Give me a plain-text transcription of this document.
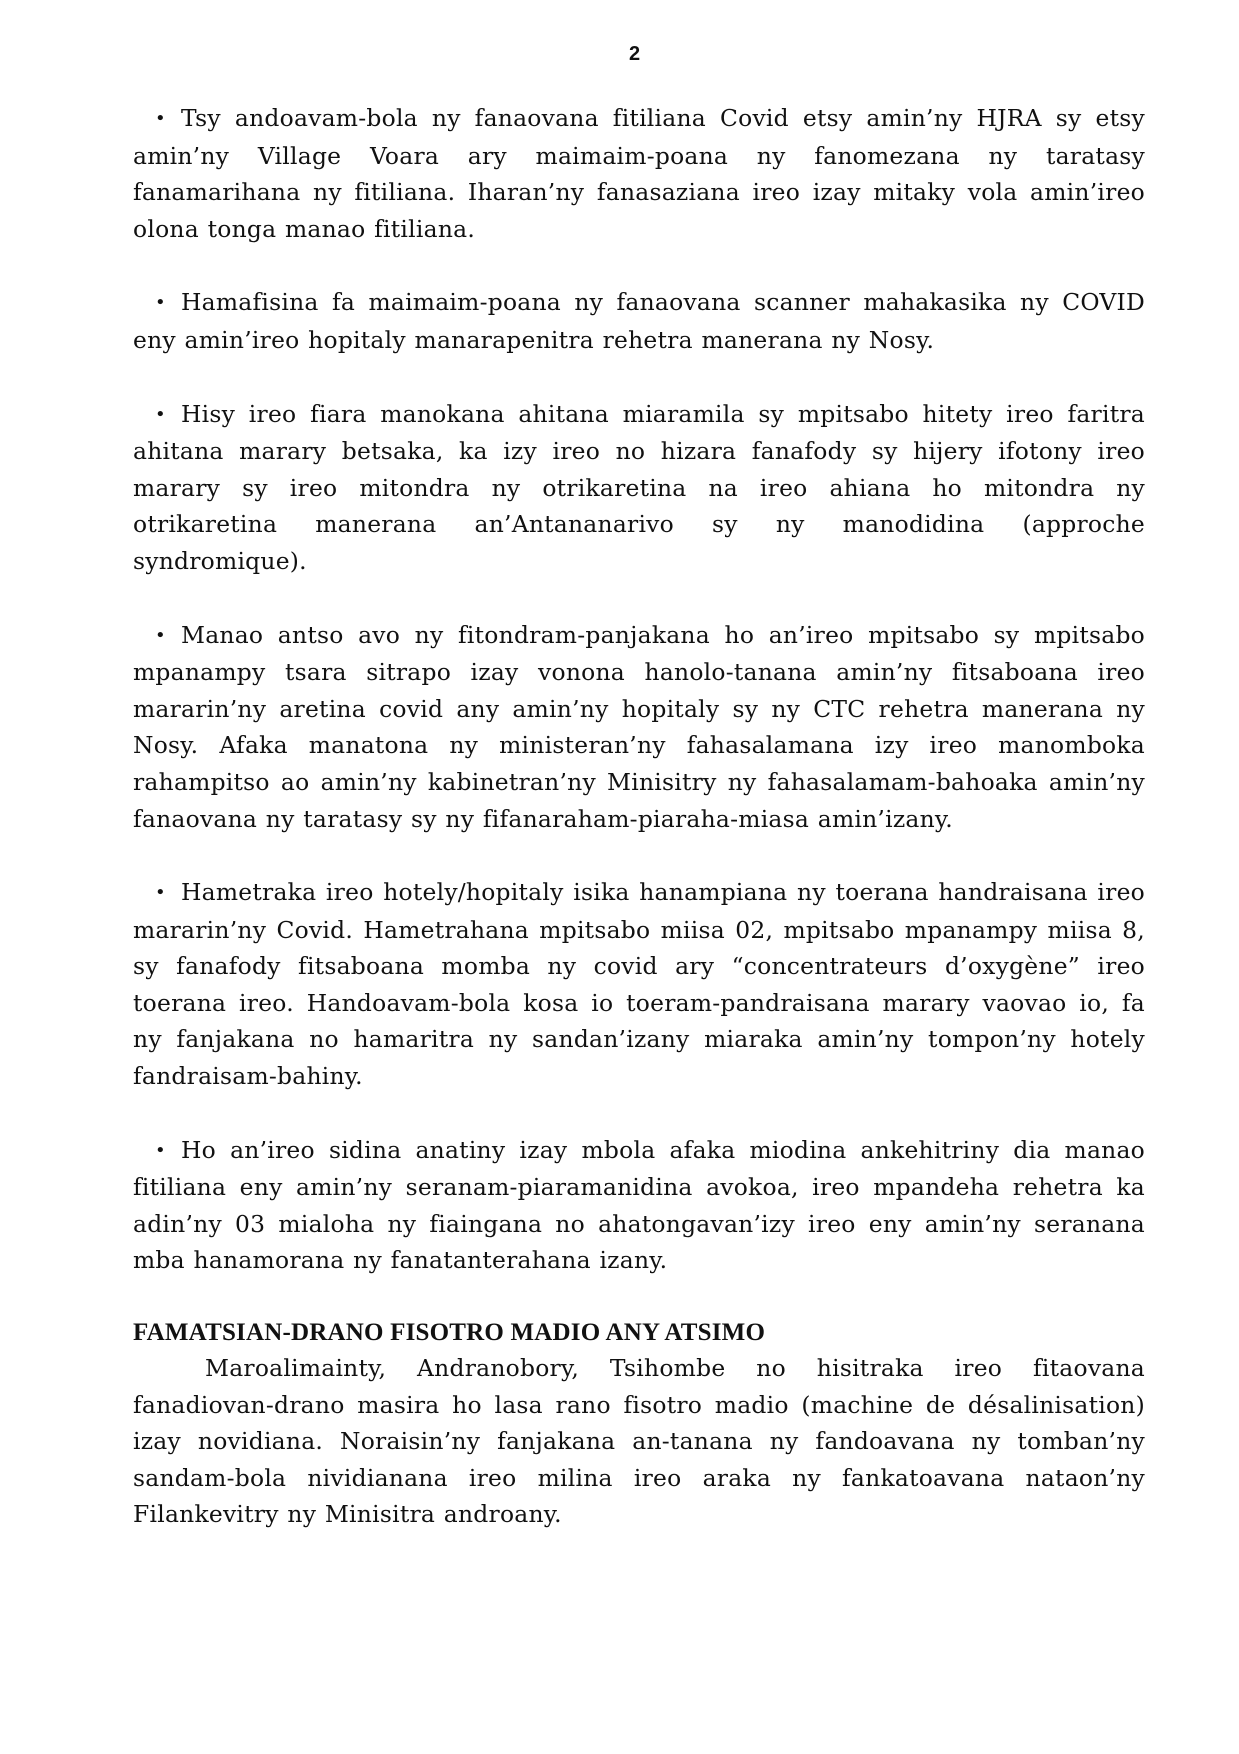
2

• Tsy andoavam-bola ny fanaovana fitiliana Covid etsy amin’ny HJRA sy etsy amin’ny Village Voara ary maimaim-poana ny fanomezana ny taratasy fanamarihana ny fitiliana. Iharan’ny fanasaziana ireo izay mitaky vola amin’ireo olona tonga manao fitiliana.

• Hamafisina fa maimaim-poana ny fanaovana scanner mahakasika ny COVID eny amin’ireo hopitaly manarapenitra rehetra manerana ny Nosy.

• Hisy ireo fiara manokana ahitana miaramila sy mpitsabo hitety ireo faritra ahitana marary betsaka, ka izy ireo no hizara fanafody sy hijery ifotony ireo marary sy ireo mitondra ny otrikaretina na ireo ahiana ho mitondra ny otrikaretina manerana an’Antananarivo sy ny manodidina (approche syndromique).

• Manao antso avo ny fitondram-panjakana ho an’ireo mpitsabo sy mpitsabo mpanampy tsara sitrapo izay vonona hanolo-tanana amin’ny fitsaboana ireo mararin’ny aretina covid any amin’ny hopitaly sy ny CTC rehetra manerana ny Nosy. Afaka manatona ny ministeran’ny fahasalamana izy ireo manomboka rahampitso ao amin’ny kabinetran’ny Minisitry ny fahasalamam-bahoaka amin’ny fanaovana ny taratasy sy ny fifanaraham-piaraha-miasa amin’izany.

• Hametraka ireo hotely/hopitaly isika hanampiana ny toerana handraisana ireo mararin’ny Covid. Hametrahana mpitsabo miisa 02, mpitsabo mpanampy miisa 8, sy fanafody fitsaboana momba ny covid ary “concentrateurs d’oxygène” ireo toerana ireo. Handoavam-bola kosa io toeram-pandraisana marary vaovao io, fa ny fanjakana no hamaritra ny sandan’izany miaraka amin’ny tompon’ny hotely fandraisam-bahiny.

• Ho an’ireo sidina anatiny izay mbola afaka miodina ankehitriny dia manao fitiliana eny amin’ny seranam-piaramanidina avokoa, ireo mpandeha rehetra ka adin’ny 03 mialoha ny fiaingana no ahatongavan’izy ireo eny amin’ny seranana mba hanamorana ny fanatanterahana izany.

FAMATSIAN-DRANO FISOTRO MADIO ANY ATSIMO

Maroalimainty, Andranobory, Tsihombe no hisitraka ireo fitaovana fanadiovan-drano masira ho lasa rano fisotro madio (machine de désalinisation) izay novidiana. Noraisin’ny fanjakana an-tanana ny fandoavana ny tomban’ny sandam-bola nividianana ireo milina ireo araka ny fankatoavana nataon’ny Filankevitry ny Minisitra androany.
